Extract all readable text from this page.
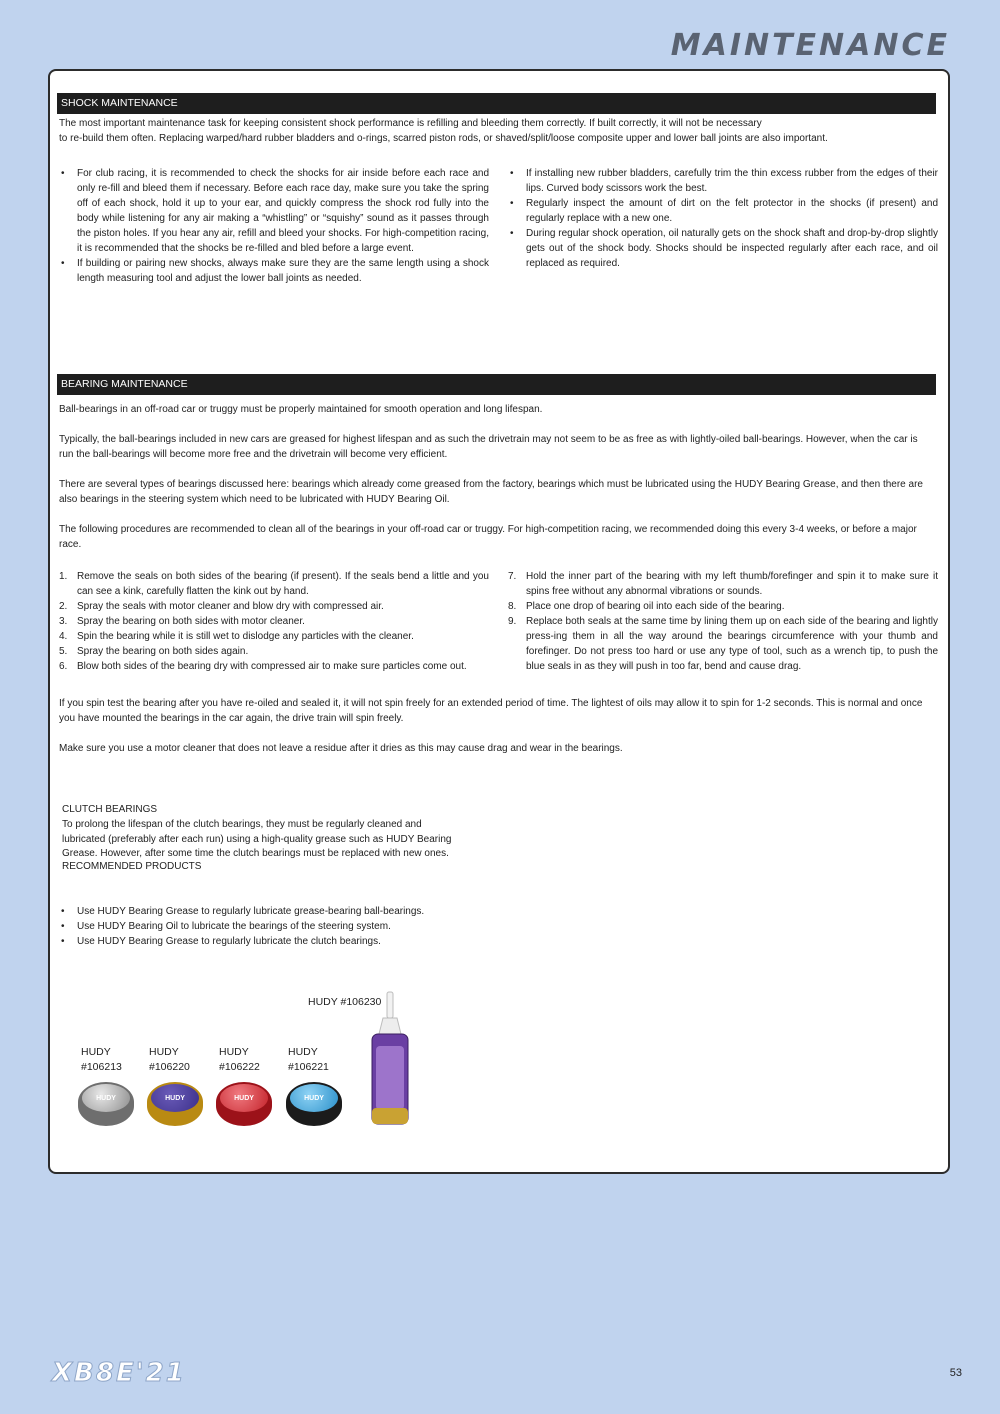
MAINTENANCE
SHOCK MAINTENANCE
The most important maintenance task for keeping consistent shock performance is refilling and bleeding them correctly. If built correctly, it will not be necessary
to re-build them often. Replacing warped/hard rubber bladders and o-rings, scarred piston rods, or shaved/split/loose composite upper and lower ball joints are also important.
• For club racing, it is recommended to check the shocks for air inside before each race and only re-fill and bleed them if necessary. Before each race day, make sure you take the spring off of each shock, hold it up to your ear, and quickly compress the shock rod fully into the body while listening for any air making a “whistling” or “squishy” sound as it passes through the piston holes. If you hear any air, refill and bleed your shocks. For high-competition racing, it is recommended that the shocks be re-filled and bled before a large event.
• If building or pairing new shocks, always make sure they are the same length using a shock length measuring tool and adjust the lower ball joints as needed.
• If installing new rubber bladders, carefully trim the thin excess rubber from the edges of their lips. Curved body scissors work the best.
• Regularly inspect the amount of dirt on the felt protector in the shocks (if present) and regularly replace with a new one.
• During regular shock operation, oil naturally gets on the shock shaft and drop-by-drop slightly gets out of the shock body. Shocks should be inspected regularly after each race, and oil replaced as required.
BEARING MAINTENANCE
Ball-bearings in an off-road car or truggy must be properly maintained for smooth operation and long lifespan.
Typically, the ball-bearings included in new cars are greased for highest lifespan and as such the drivetrain may not seem to be as free as with lightly-oiled ball-bearings. However, when the car is run the ball-bearings will become more free and the drivetrain will become very efficient.
There are several types of bearings discussed here: bearings which already come greased from the factory, bearings which must be lubricated using the HUDY Bearing Grease, and then there are also bearings in the steering system which need to be lubricated with HUDY Bearing Oil.
The following procedures are recommended to clean all of the bearings in your off-road car or truggy. For high-competition racing, we recommended doing this every 3-4 weeks, or before a major race.
1. Remove the seals on both sides of the bearing (if present). If the seals bend a little and you can see a kink, carefully flatten the kink out by hand.
2. Spray the seals with motor cleaner and blow dry with compressed air.
3. Spray the bearing on both sides with motor cleaner.
4. Spin the bearing while it is still wet to dislodge any particles with the cleaner.
5. Spray the bearing on both sides again.
6. Blow both sides of the bearing dry with compressed air to make sure particles come out.
7. Hold the inner part of the bearing with my left thumb/forefinger and spin it to make sure it spins free without any abnormal vibrations or sounds.
8. Place one drop of bearing oil into each side of the bearing.
9. Replace both seals at the same time by lining them up on each side of the bearing and lightly press-ing them in all the way around the bearings circumference with your thumb and forefinger. Do not press too hard or use any type of tool, such as a wrench tip, to push the blue seals in as they will push in too far, bend and cause drag.
If you spin test the bearing after you have re-oiled and sealed it, it will not spin freely for an extended period of time. The lightest of oils may allow it to spin for 1-2 seconds. This is normal and once you have mounted the bearings in the car again, the drive train will spin freely.
Make sure you use a motor cleaner that does not leave a residue after it dries as this may cause drag and wear in the bearings.
CLUTCH BEARINGS
To prolong the lifespan of the clutch bearings, they must be regularly cleaned and
lubricated (preferably after each run) using a high-quality grease such as HUDY Bearing
Grease. However, after some time the clutch bearings must be replaced with new ones.
RECOMMENDED PRODUCTS
• Use HUDY Bearing Grease to regularly lubricate grease-bearing ball-bearings.
• Use HUDY Bearing Oil to lubricate the bearings of the steering system.
• Use HUDY Bearing Grease to regularly lubricate the clutch bearings.
HUDY #106230
HUDY
#106213
HUDY
#106220
HUDY
#106222
HUDY
#106221
HUDY	HUDY	HUDY	HUDY
XB8E'21	53
